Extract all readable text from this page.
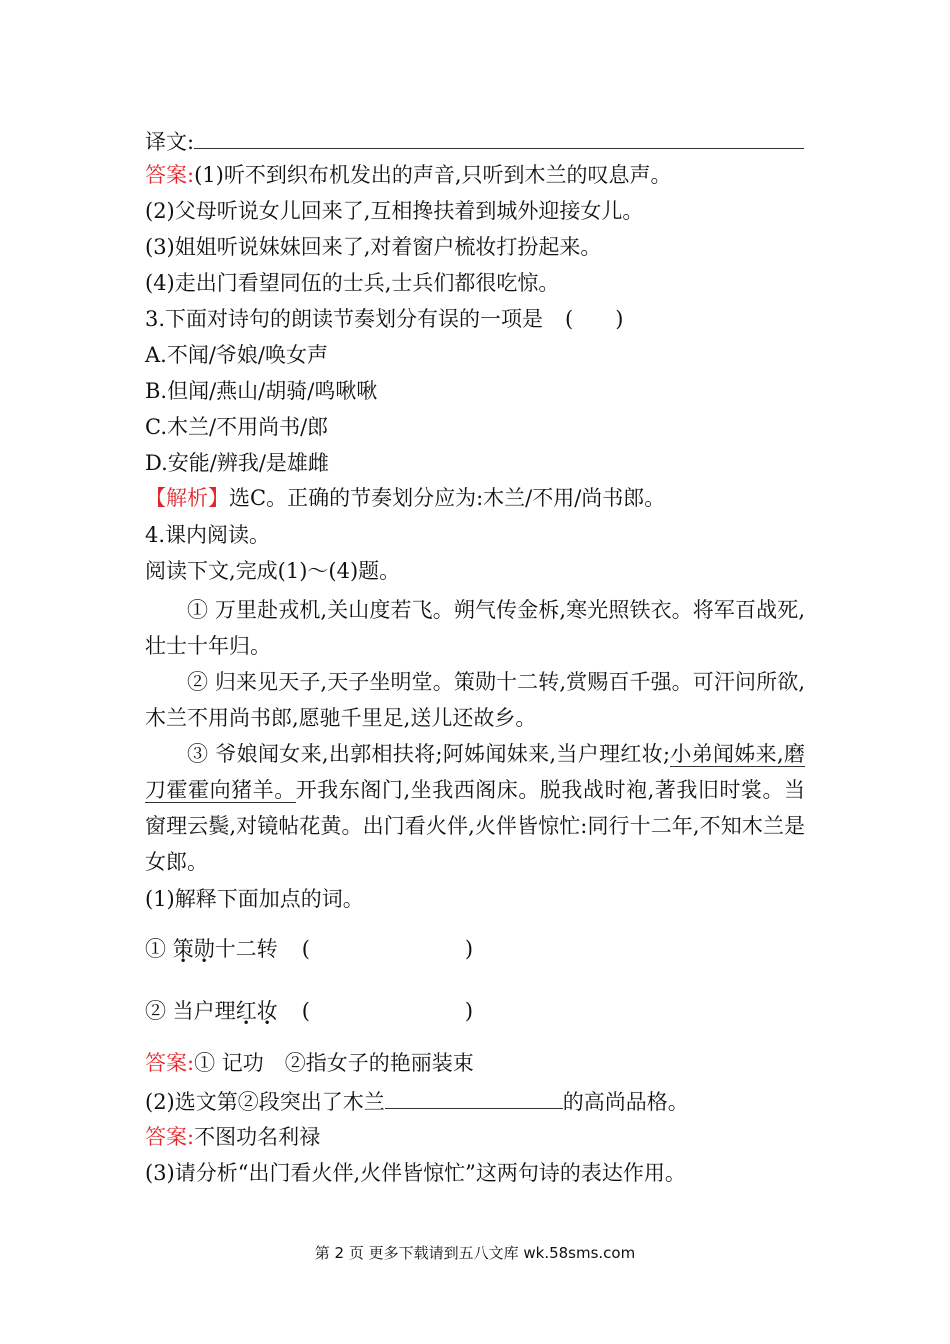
译文:
答案:(1)听不到织布机发出的声音,只听到木兰的叹息声。
(2)父母听说女儿回来了,互相搀扶着到城外迎接女儿。
(3)姐姐听说妹妹回来了,对着窗户梳妆打扮起来。
(4)走出门看望同伍的士兵,士兵们都很吃惊。
3.下面对诗句的朗读节奏划分有误的一项是 (　　)
A.不闻/爷娘/唤女声
B.但闻/燕山/胡骑/鸣啾啾
C.木兰/不用尚书/郎
D.安能/辨我/是雄雌
【解析】选C。正确的节奏划分应为:木兰/不用/尚书郎。
4.课内阅读。
阅读下文,完成(1)～(4)题。
① 万里赴戎机,关山度若飞。朔气传金柝,寒光照铁衣。将军百战死,壮士十年归。
② 归来见天子,天子坐明堂。策勋十二转,赏赐百千强。可汗问所欲,木兰不用尚书郎,愿驰千里足,送儿还故乡。
③ 爷娘闻女来,出郭相扶将;阿姊闻妹来,当户理红妆;小弟闻姊来,磨刀霍霍向猪羊。开我东阁门,坐我西阁床。脱我战时袍,著我旧时裳。当窗理云鬓,对镜帖花黄。出门看火伴,火伴皆惊忙:同行十二年,不知木兰是女郎。
(1)解释下面加点的词。
① 策勋十二转 (	)
② 当户理红妆 (	)
答案:① 记功　②指女子的艳丽装束
(2)选文第②段突出了木兰	的高尚品格。
答案:不图功名利禄
(3)请分析“出门看火伴,火伴皆惊忙”这两句诗的表达作用。
第 2 页 更多下载请到五八文库 wk.58sms.com
